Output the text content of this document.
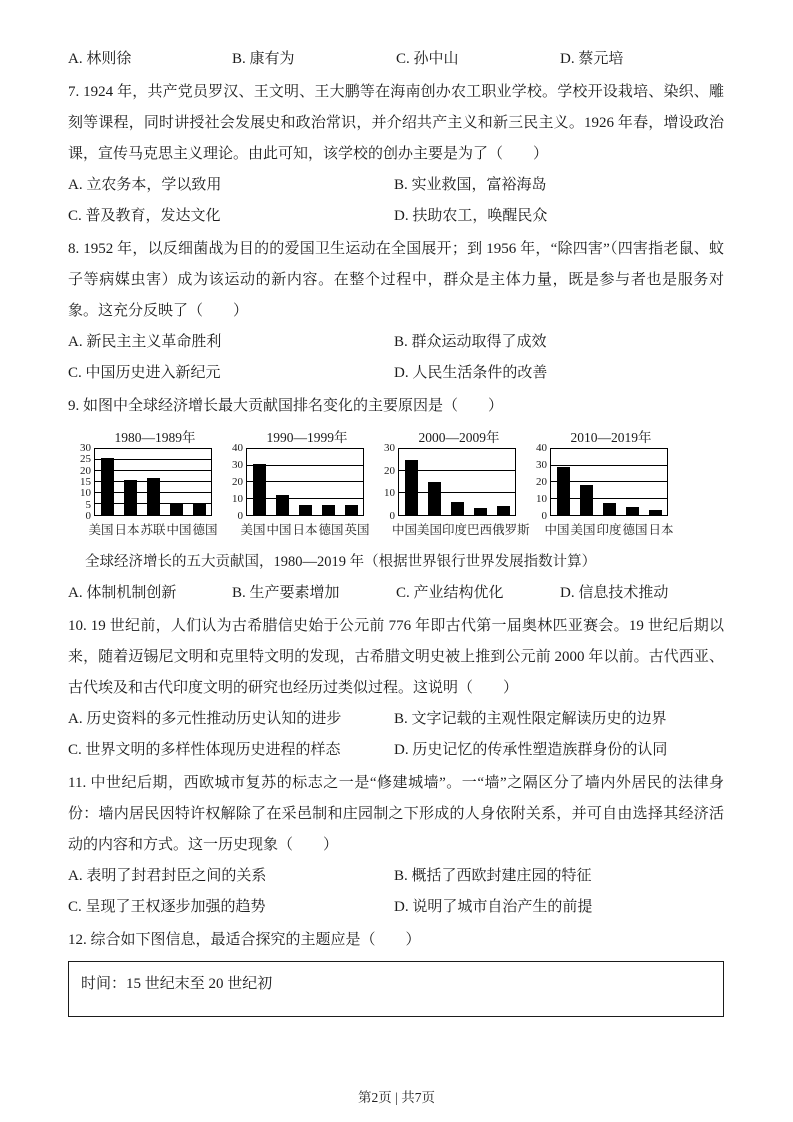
A. 林则徐	B. 康有为	C. 孙中山	D. 蔡元培

7. 1924 年，共产党员罗汉、王文明、王大鹏等在海南创办农工职业学校。学校开设栽培、染织、雕刻等课程，同时讲授社会发展史和政治常识，并介绍共产主义和新三民主义。1926 年春，增设政治课，宣传马克思主义理论。由此可知，该学校的创办主要是为了（　　）

A. 立农务本，学以致用	B. 实业救国，富裕海岛
C. 普及教育，发达文化	D. 扶助农工，唤醒民众

8. 1952 年，以反细菌战为目的的爱国卫生运动在全国展开；到 1956 年，“除四害”（四害指老鼠、蚊子等病媒虫害）成为该运动的新内容。在整个过程中，群众是主体力量，既是参与者也是服务对象。这充分反映了（　　）

A. 新民主主义革命胜利	B. 群众运动取得了成效
C. 中国历史进入新纪元	D. 人民生活条件的改善

9. 如图中全球经济增长最大贡献国排名变化的主要原因是（　　）

1980—1989年
0
5
10
15
20
25
30
美国 日本 苏联 中国 德国
1990—1999年
0
10
20
30
40
美国 中国 日本 德国 英国
2000—2009年
0
10
20
30
中国 美国 印度 巴西 俄罗斯
2010—2019年
0
10
20
30
40
中国 美国 印度 德国 日本

全球经济增长的五大贡献国，1980—2019 年（根据世界银行世界发展指数计算）

A. 体制机制创新	B. 生产要素增加	C. 产业结构优化	D. 信息技术推动

10. 19 世纪前，人们认为古希腊信史始于公元前 776 年即古代第一届奥林匹亚赛会。19 世纪后期以来，随着迈锡尼文明和克里特文明的发现，古希腊文明史被上推到公元前 2000 年以前。古代西亚、古代埃及和古代印度文明的研究也经历过类似过程。这说明（　　）

A. 历史资料的多元性推动历史认知的进步	B. 文字记载的主观性限定解读历史的边界
C. 世界文明的多样性体现历史进程的样态	D. 历史记忆的传承性塑造族群身份的认同

11. 中世纪后期，西欧城市复苏的标志之一是“修建城墙”。一“墙”之隔区分了墙内外居民的法律身份：墙内居民因特许权解除了在采邑制和庄园制之下形成的人身依附关系，并可自由选择其经济活动的内容和方式。这一历史现象（　　）

A. 表明了封君封臣之间的关系	B. 概括了西欧封建庄园的特征
C. 呈现了王权逐步加强的趋势	D. 说明了城市自治产生的前提

12. 综合如下图信息，最适合探究的主题应是（　　）

时间：15 世纪末至 20 世纪初
第2页 | 共7页
